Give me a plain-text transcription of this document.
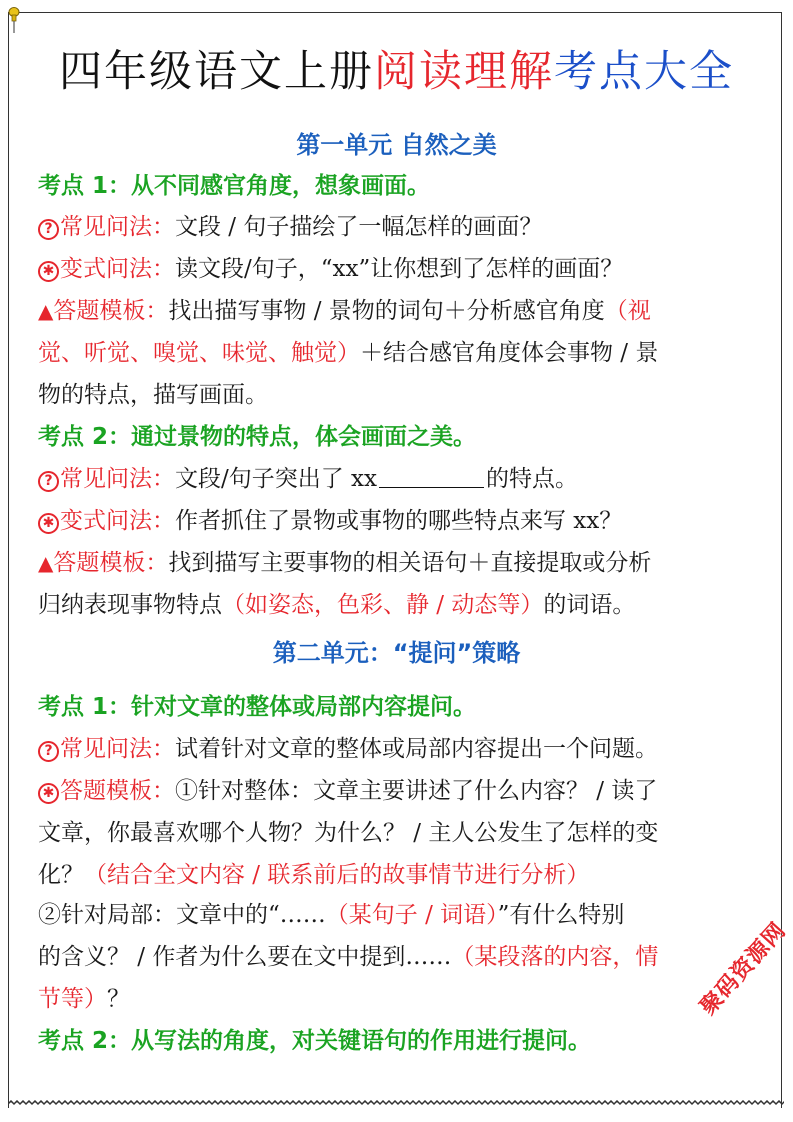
四年级语文上册阅读理解考点大全
第一单元 自然之美
考点 1：从不同感官角度，想象画面。
? 常见问法：文段 / 句子描绘了一幅怎样的画面？
✱ 变式问法：读文段/句子，“xx”让你想到了怎样的画面？
▲答题模板：找出描写事物 / 景物的词句＋分析感官角度（视
觉、听觉、嗅觉、味觉、触觉）＋结合感官角度体会事物 / 景
物的特点，描写画面。
考点 2：通过景物的特点，体会画面之美。
? 常见问法：文段/句子突出了 xx	的特点。
✱ 变式问法：作者抓住了景物或事物的哪些特点来写 xx？
▲答题模板：找到描写主要事物的相关语句＋直接提取或分析
归纳表现事物特点（如姿态，色彩、静 / 动态等）的词语。
第二单元：“提问”策略
考点 1：针对文章的整体或局部内容提问。
? 常见问法：试着针对文章的整体或局部内容提出一个问题。
✱ 答题模板：①针对整体：文章主要讲述了什么内容？ / 读了
文章，你最喜欢哪个人物？为什么？ / 主人公发生了怎样的变
化？（结合全文内容 / 联系前后的故事情节进行分析）
②针对局部：文章中的“……（某句子 / 词语）”有什么特别
的含义？ / 作者为什么要在文中提到……（某段落的内容，情
节等）？
考点 2：从写法的角度，对关键语句的作用进行提问。
聚码资源网
